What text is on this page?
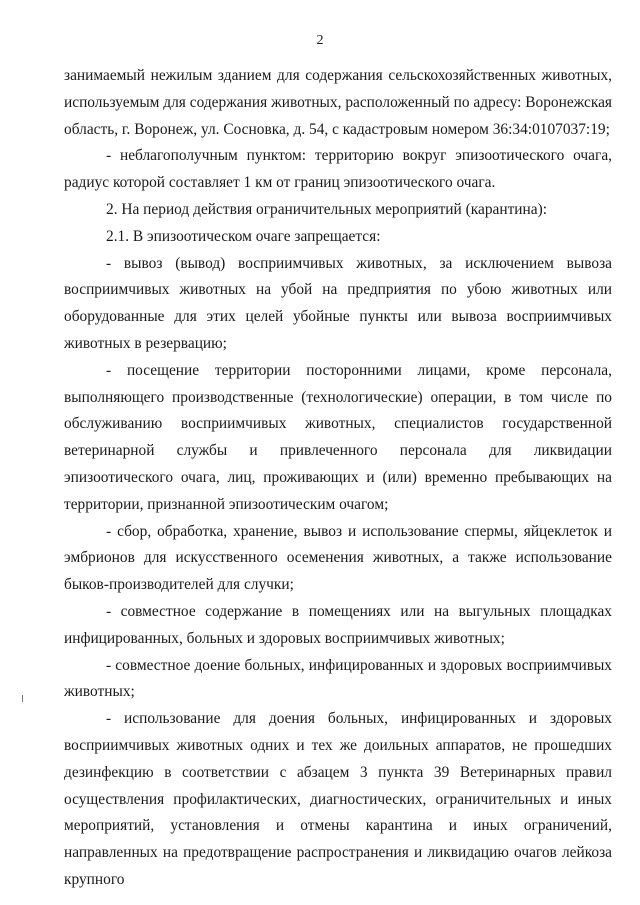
2

занимаемый нежилым зданием для содержания сельскохозяйственных животных, используемым для содержания животных, расположенный по адресу: Воронежская область, г. Воронеж, ул. Сосновка, д. 54, с кадастровым номером 36:34:0107037:19;

- неблагополучным пунктом: территорию вокруг эпизоотического очага, радиус которой составляет 1 км от границ эпизоотического очага.

2. На период действия ограничительных мероприятий (карантина):

2.1. В эпизоотическом очаге запрещается:

- вывоз (вывод) восприимчивых животных, за исключением вывоза восприимчивых животных на убой на предприятия по убою животных или оборудованные для этих целей убойные пункты или вывоза восприимчивых животных в резервацию;

- посещение территории посторонними лицами, кроме персонала, выполняющего производственные (технологические) операции, в том числе по обслуживанию восприимчивых животных, специалистов государственной ветеринарной службы и привлеченного персонала для ликвидации эпизоотического очага, лиц, проживающих и (или) временно пребывающих на территории, признанной эпизоотическим очагом;

- сбор, обработка, хранение, вывоз и использование спермы, яйцеклеток и эмбрионов для искусственного осеменения животных, а также использование быков-производителей для случки;

- совместное содержание в помещениях или на выгульных площадках инфицированных, больных и здоровых восприимчивых животных;

- совместное доение больных, инфицированных и здоровых восприимчивых животных;

- использование для доения больных, инфицированных и здоровых восприимчивых животных одних и тех же доильных аппаратов, не прошедших дезинфекцию в соответствии с абзацем 3 пункта 39 Ветеринарных правил осуществления профилактических, диагностических, ограничительных и иных мероприятий, установления и отмены карантина и иных ограничений, направленных на предотвращение распространения и ликвидацию очагов лейкоза крупного
